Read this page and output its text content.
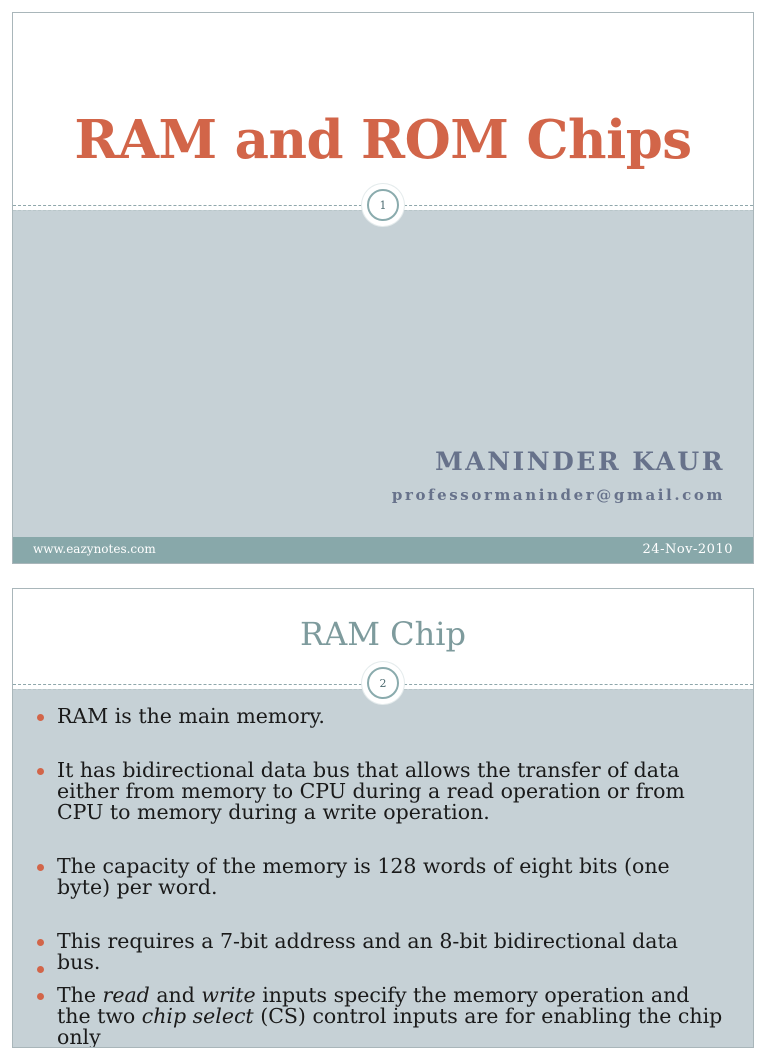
RAM and ROM Chips
1

MANINDER KAUR

professormaninder@gmail.com

www.eazynotes.com	24-Nov-2010
RAM Chip
2
RAM is the main memory.
It has bidirectional data bus that allows the transfer of data either from memory to CPU during a read operation or from CPU to memory during a write operation.
The capacity of the memory is 128 words of eight bits (one byte) per word.
This requires a 7-bit address and an 8-bit bidirectional data bus.
The read and write inputs specify the memory operation and the two chip select (CS) control inputs are for enabling the chip only
